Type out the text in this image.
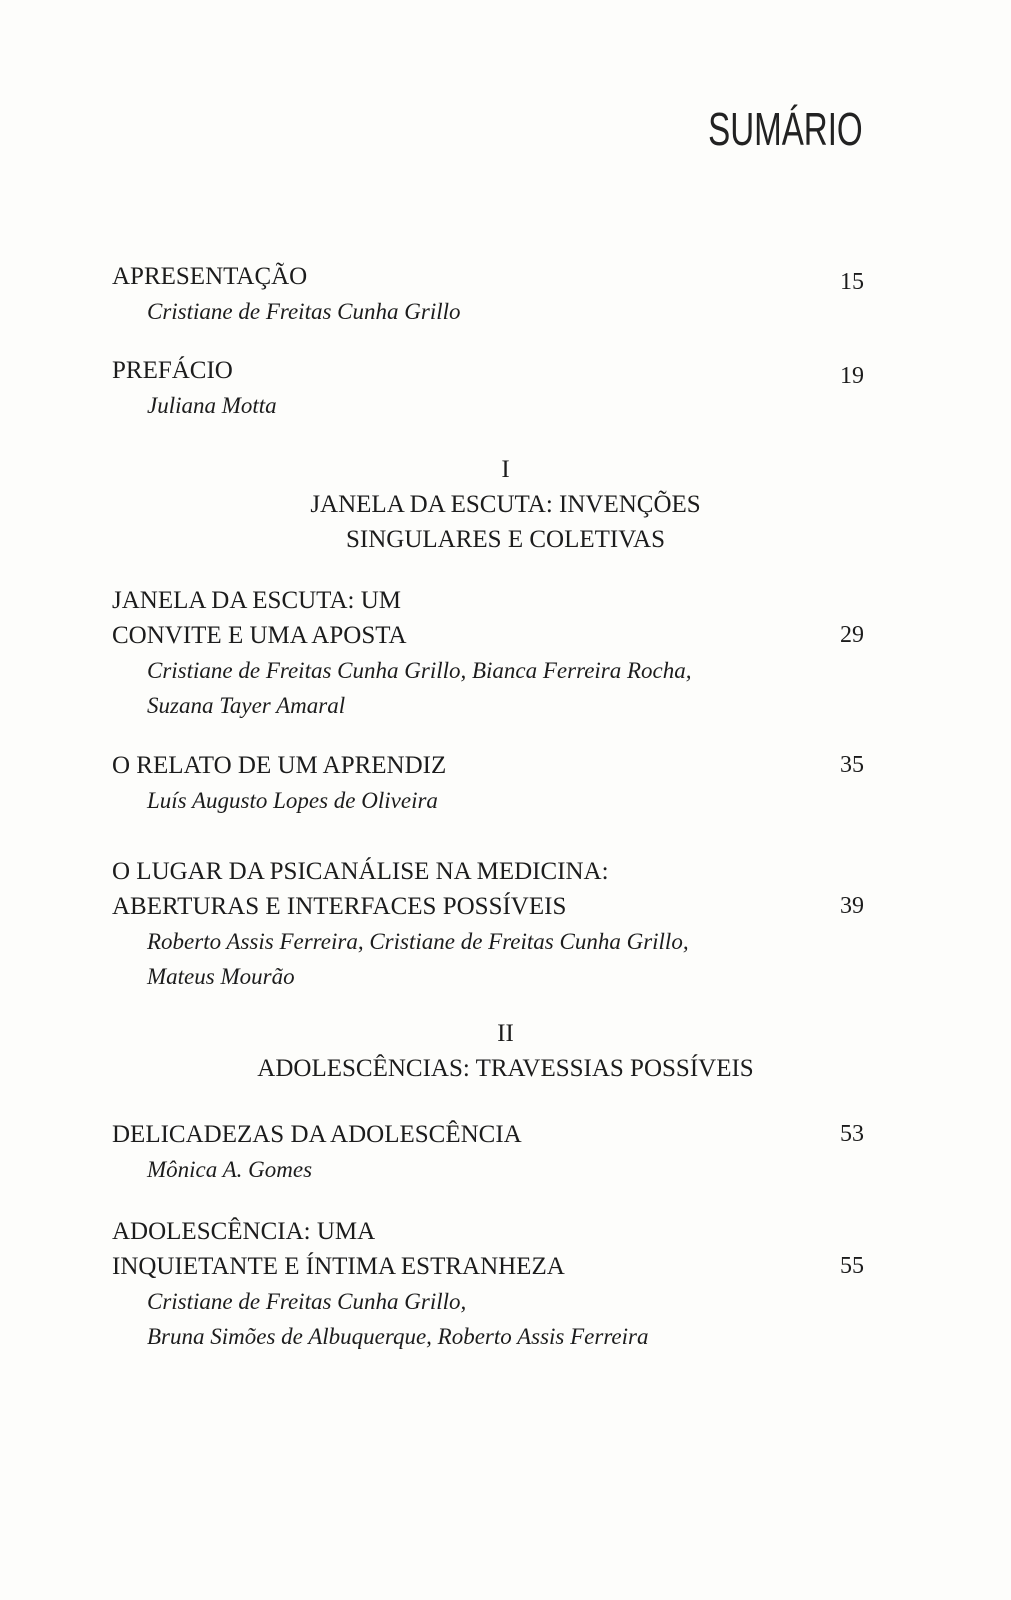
SUMÁRIO
APRESENTAÇÃO	15
Cristiane de Freitas Cunha Grillo
PREFÁCIO	19
Juliana Motta
I
JANELA DA ESCUTA: INVENÇÕES
SINGULARES E COLETIVAS
JANELA DA ESCUTA: UM
CONVITE E UMA APOSTA	29
Cristiane de Freitas Cunha Grillo, Bianca Ferreira Rocha,
Suzana Tayer Amaral
O RELATO DE UM APRENDIZ	35
Luís Augusto Lopes de Oliveira
O LUGAR DA PSICANÁLISE NA MEDICINA:
ABERTURAS E INTERFACES POSSÍVEIS	39
Roberto Assis Ferreira, Cristiane de Freitas Cunha Grillo,
Mateus Mourão
II
ADOLESCÊNCIAS: TRAVESSIAS POSSÍVEIS
DELICADEZAS DA ADOLESCÊNCIA	53
Mônica A. Gomes
ADOLESCÊNCIA: UMA
INQUIETANTE E ÍNTIMA ESTRANHEZA	55
Cristiane de Freitas Cunha Grillo,
Bruna Simões de Albuquerque, Roberto Assis Ferreira
